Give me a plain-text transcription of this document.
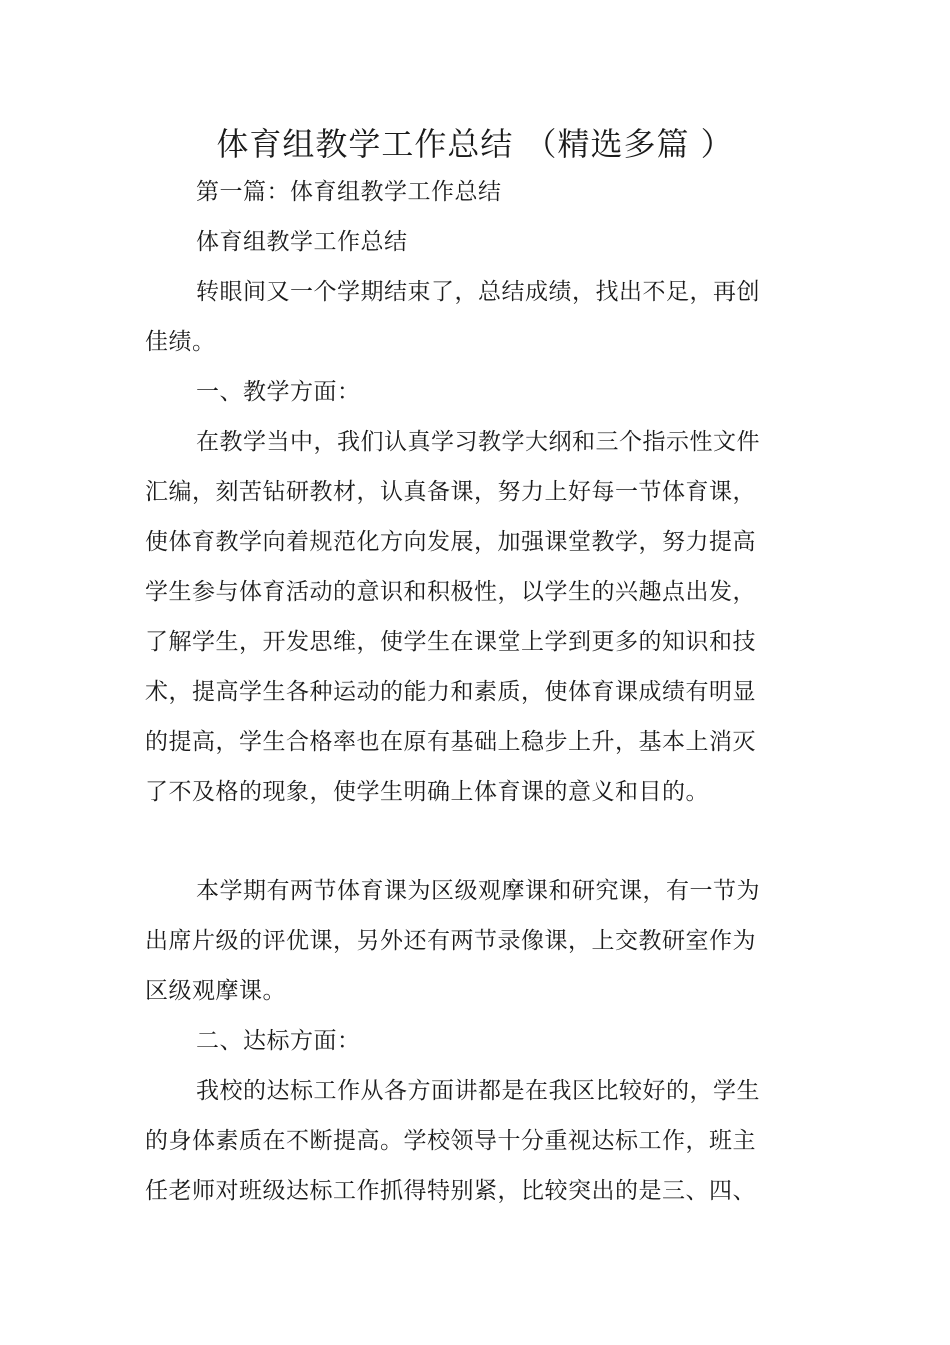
体育组教学工作总结 （精选多篇 ）
第一篇：体育组教学工作总结
体育组教学工作总结
转眼间又一个学期结束了，总结成绩，找出不足，再创
佳绩。
一、教学方面：
在教学当中，我们认真学习教学大纲和三个指示性文件
汇编，刻苦钻研教材，认真备课，努力上好每一节体育课，
使体育教学向着规范化方向发展，加强课堂教学，努力提高
学生参与体育活动的意识和积极性，以学生的兴趣点出发，
了解学生，开发思维，使学生在课堂上学到更多的知识和技
术，提高学生各种运动的能力和素质，使体育课成绩有明显
的提高，学生合格率也在原有基础上稳步上升，基本上消灭
了不及格的现象，使学生明确上体育课的意义和目的。
本学期有两节体育课为区级观摩课和研究课，有一节为
出席片级的评优课，另外还有两节录像课，上交教研室作为
区级观摩课。
二、达标方面：
我校的达标工作从各方面讲都是在我区比较好的，学生
的身体素质在不断提高。学校领导十分重视达标工作，班主
任老师对班级达标工作抓得特别紧，比较突出的是三、四、
